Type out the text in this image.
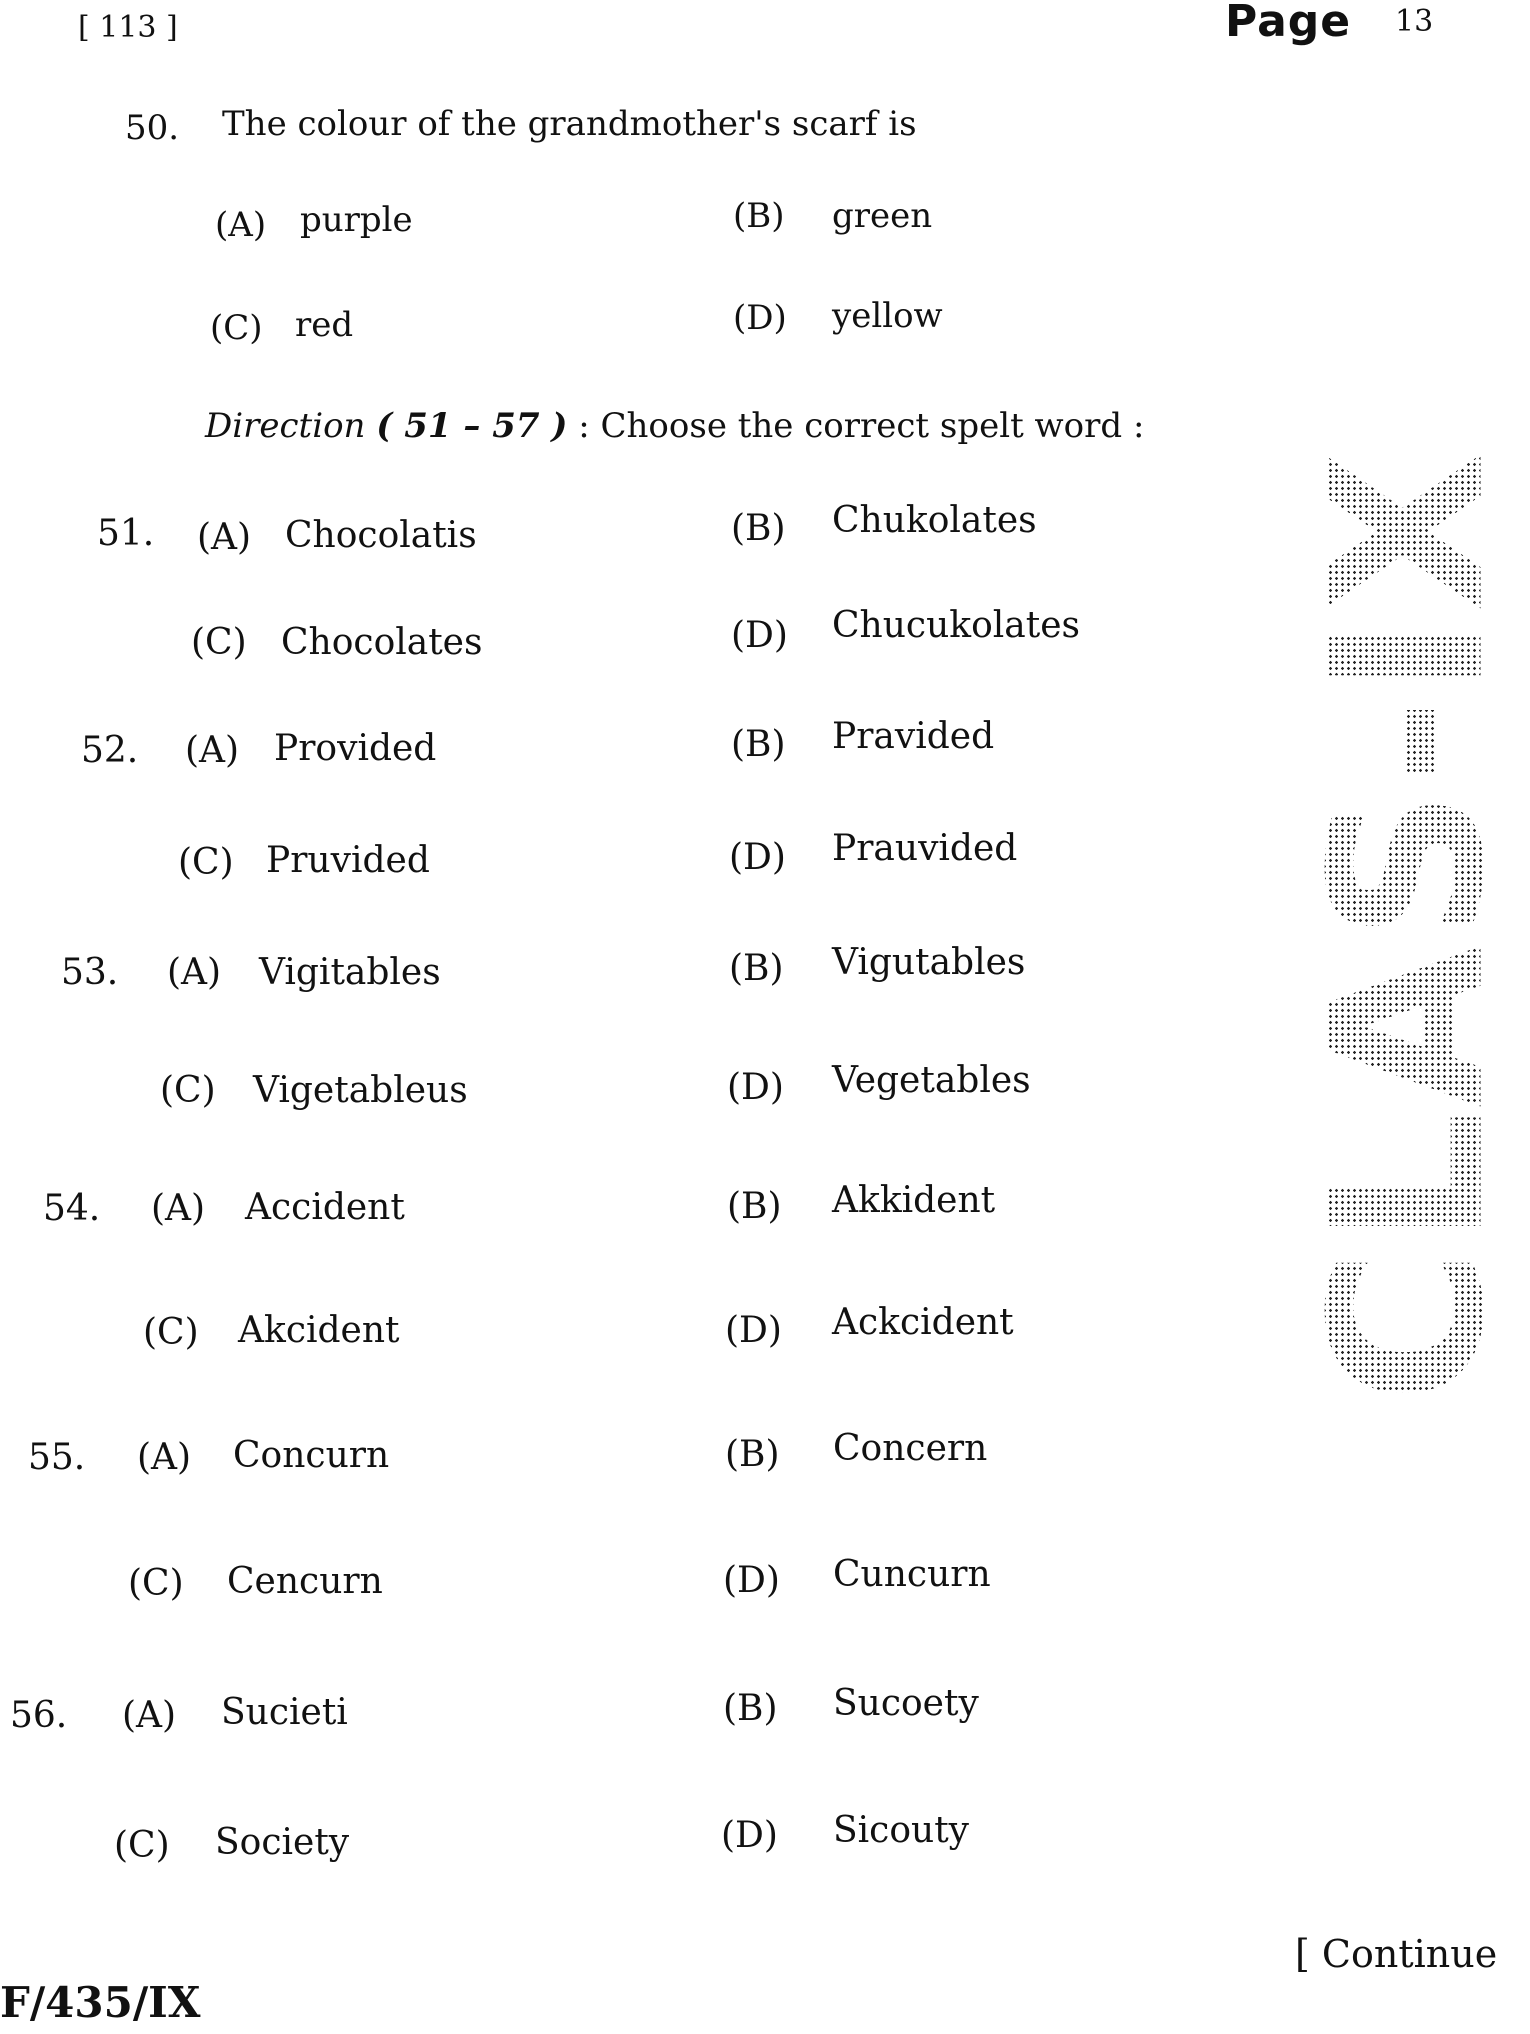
[ 113 ]	Page 13
50. The colour of the grandmother's scarf is
(A) purple	(B) green
(C) red	(D) yellow
Direction ( 51 – 57 ) : Choose the correct spelt word :
51. (A) Chocolatis	(B) Chukolates
(C) Chocolates	(D) Chucukolates
52. (A) Provided	(B) Pravided
(C) Pruvided	(D) Prauvided
53. (A) Vigitables	(B) Vigutables
(C) Vigetableus	(D) Vegetables
54. (A) Accident	(B) Akkident
(C) Akcident	(D) Ackcident
55. (A) Concurn	(B) Concern
(C) Cencurn	(D) Cuncurn
56. (A) Sucieti	(B) Sucoety
(C) Society	(D) Sicouty
CLAS-IX
F/435/IX
[ Continue
